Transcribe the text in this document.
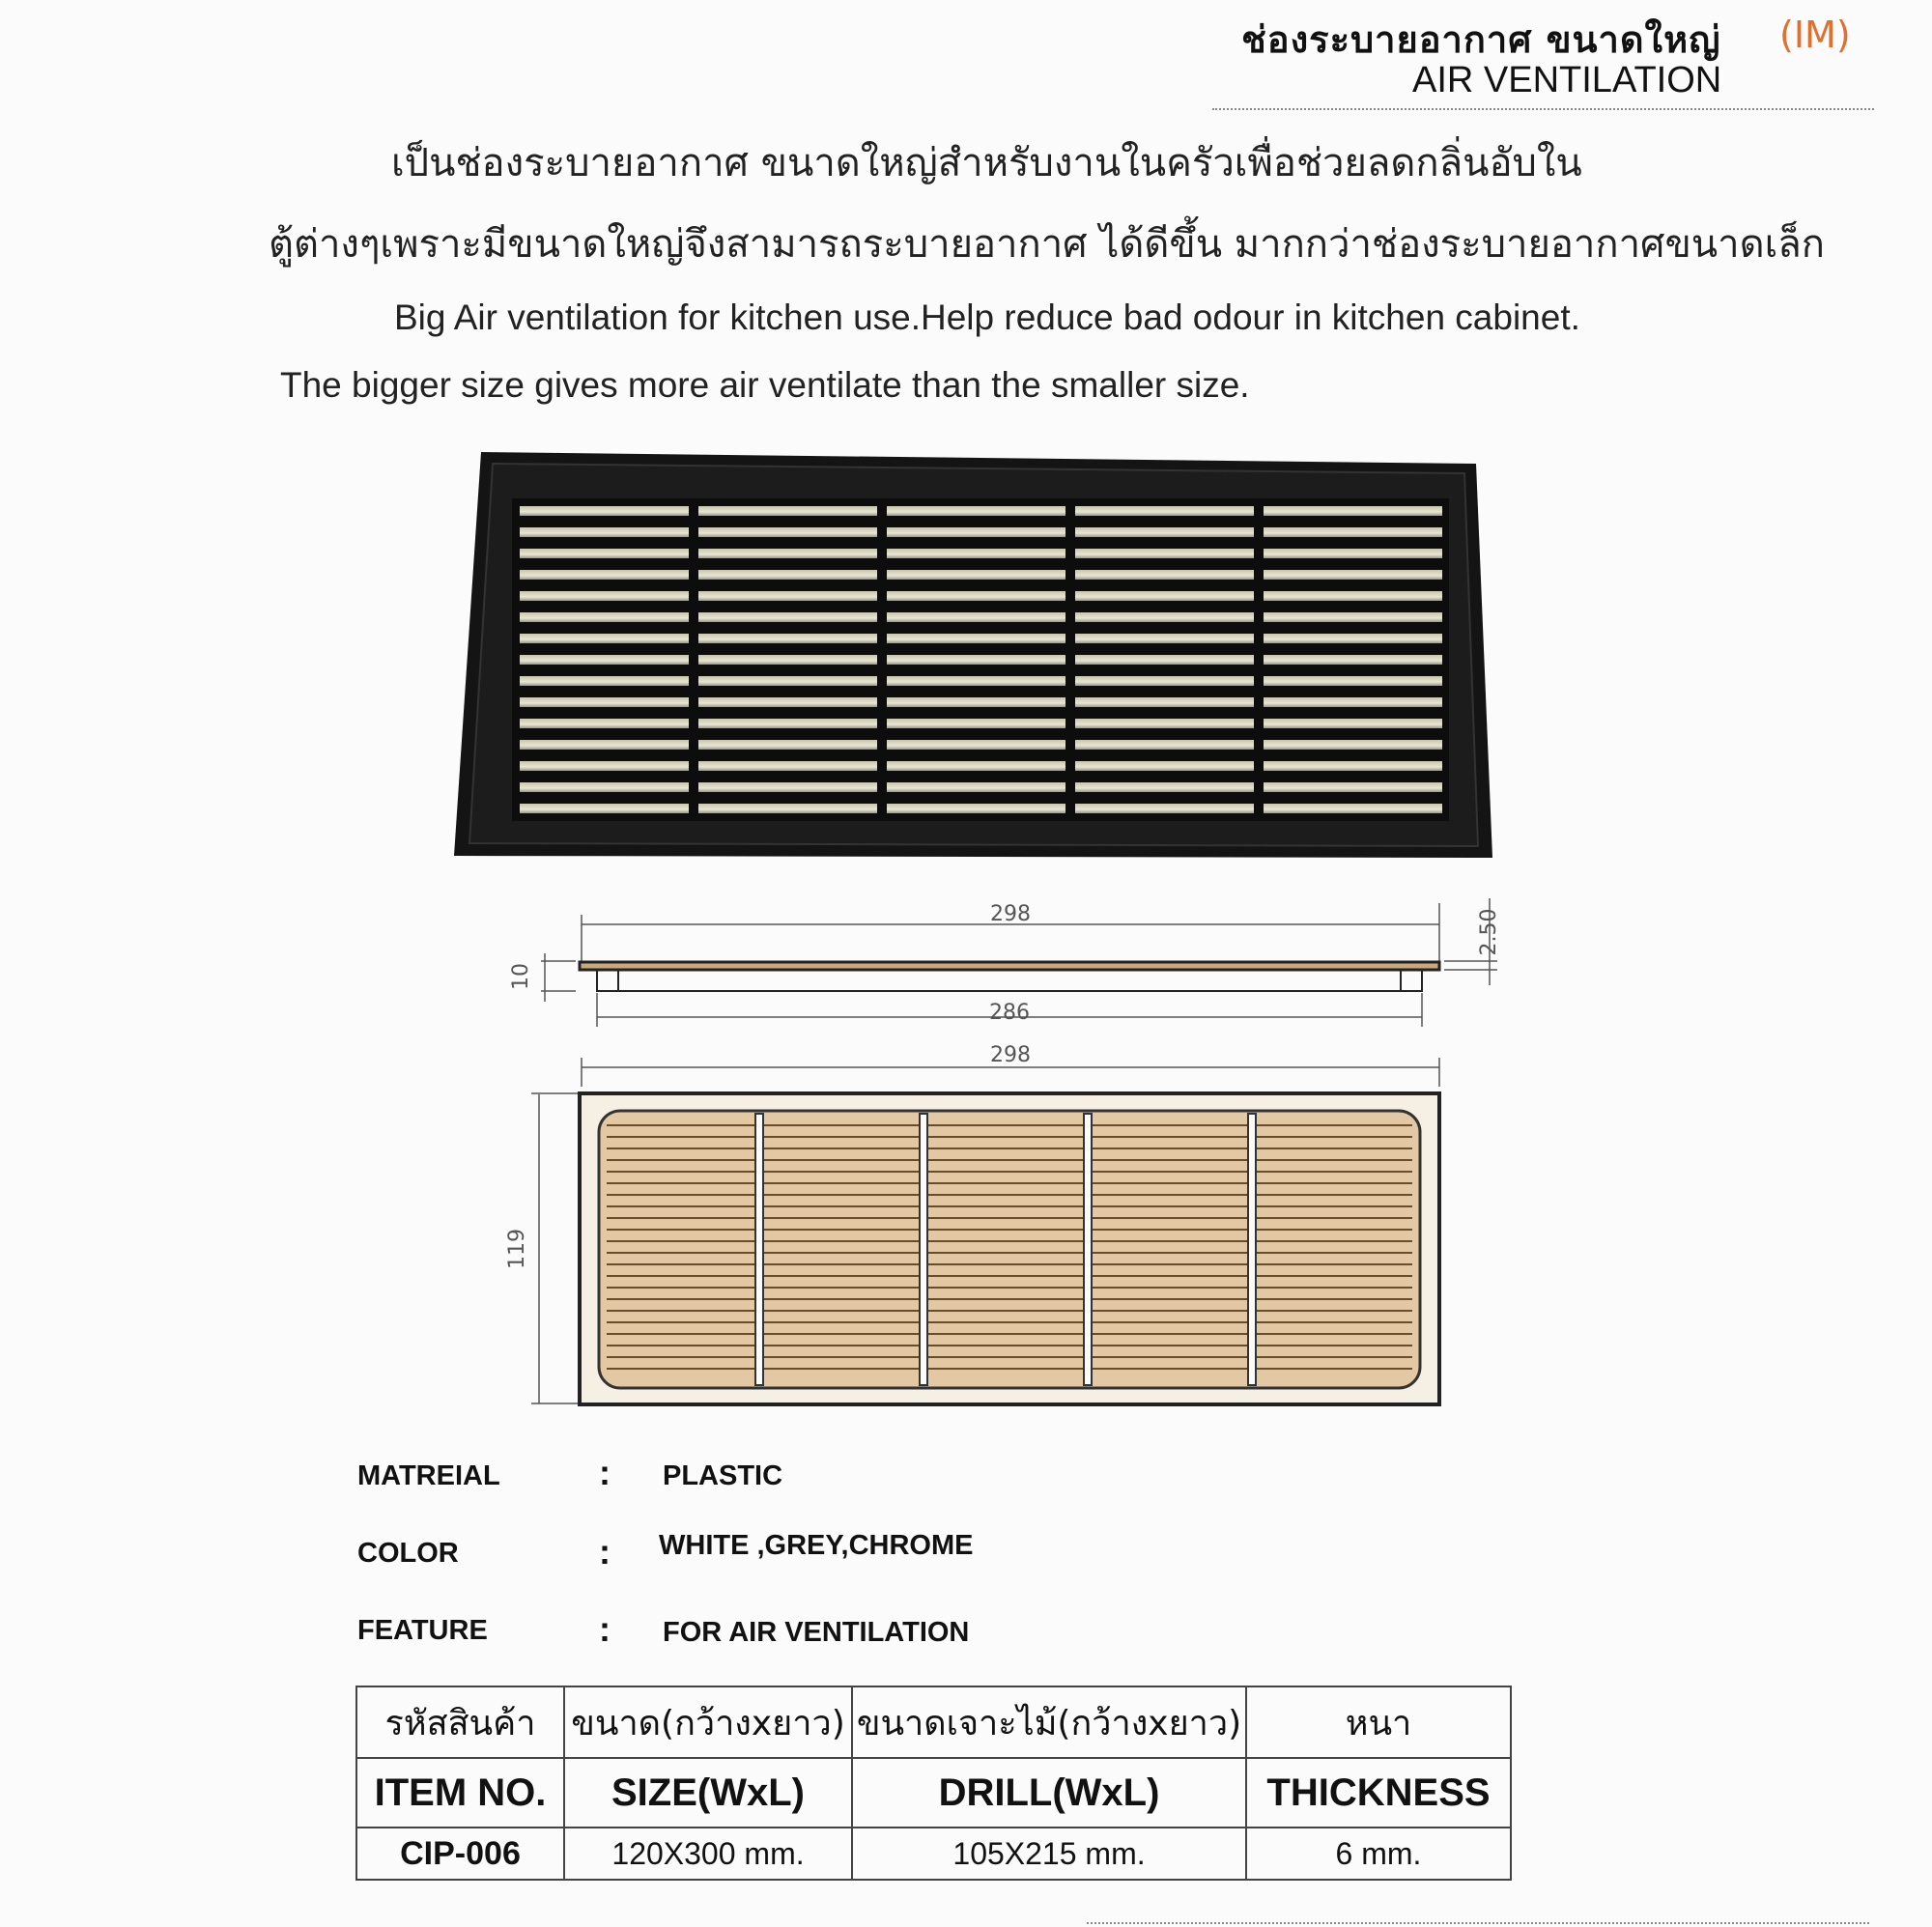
ช่องระบายอากาศ ขนาดใหญ่ (IM)
AIR VENTILATION
เป็นช่องระบายอากาศ ขนาดใหญ่สำหรับงานในครัวเพื่อช่วยลดกลิ่นอับใน
ตู้ต่างๆเพราะมีขนาดใหญ่จึงสามารถระบายอากาศ ได้ดีขึ้น มากกว่าช่องระบายอากาศขนาดเล็ก
Big Air ventilation for kitchen use.Help reduce bad odour in kitchen cabinet.
The bigger size gives more air ventilate than the smaller size.
298	2.50
10
286
298
119
MATREIAL	: PLASTIC
COLOR	: WHITE ,GREY,CHROME
FEATURE	: FOR AIR VENTILATION
รหัสสินค้า	ขนาด(กว้างxยาว)	ขนาดเจาะไม้(กว้างxยาว)	หนา
ITEM NO.	SIZE(WxL)	DRILL(WxL)	THICKNESS
CIP-006	120X300 mm.	105X215 mm.	6 mm.
